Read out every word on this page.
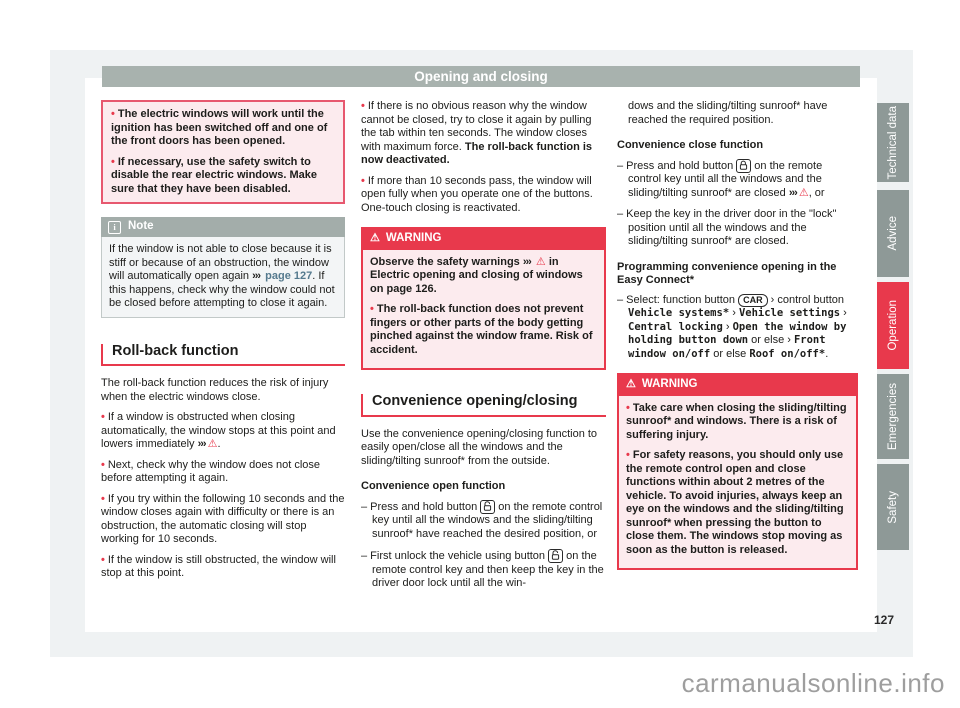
Opening and closing

• The electric windows will work until the ignition has been switched off and one of the front doors has been opened.

• If necessary, use the safety switch to disable the rear electric windows. Make sure that they have been disabled.

i	Note
If the window is not able to close because it is stiff or because of an obstruction, the window will automatically open again ››› page 127. If this happens, check why the window could not be closed before attempting to close it again.
Roll-back function

The roll-back function reduces the risk of injury when the electric windows close.

• If a window is obstructed when closing automatically, the window stops at this point and lowers immediately ››› ⚠.

• Next, check why the window does not close before attempting it again.

• If you try within the following 10 seconds and the window closes again with difficulty or there is an obstruction, the automatic closing will stop working for 10 seconds.

• If the window is still obstructed, the window will stop at this point.

• If there is no obvious reason why the window cannot be closed, try to close it again by pulling the tab within ten seconds. The window closes with maximum force. The roll-back function is now deactivated.

• If more than 10 seconds pass, the window will open fully when you operate one of the buttons. One-touch closing is reactivated.

⚠ WARNING

Observe the safety warnings ››› ⚠ in Electric opening and closing of windows on page 126.

• The roll-back function does not prevent fingers or other parts of the body getting pinched against the window frame. Risk of accident.

Convenience opening/closing

Use the convenience opening/closing function to easily open/close all the windows and the sliding/tilting sunroof* from the outside.

Convenience open function

– Press and hold button  on the remote control key until all the windows and the sliding/tilting sunroof* have reached the desired position, or

– First unlock the vehicle using button  on the remote control key and then keep the key in the driver door lock until all the win-

dows and the sliding/tilting sunroof* have reached the required position.

Convenience close function

– Press and hold button  on the remote control key until all the windows and the sliding/tilting sunroof* are closed ››› ⚠, or

– Keep the key in the driver door in the "lock" position until all the windows and the sliding/tilting sunroof* are closed.

Programming convenience opening in the Easy Connect*

– Select: function button CAR › control button Vehicle systems* › Vehicle settings › Central locking › Open the window by holding button down or else › Front window on/off or else Roof on/off*.

⚠ WARNING

• Take care when closing the sliding/tilting sunroof* and windows. There is a risk of suffering injury.

• For safety reasons, you should only use the remote control open and close functions within about 2 metres of the vehicle. To avoid injuries, always keep an eye on the windows and the sliding/tilting sunroof* when pressing the button to close them. The windows stop moving as soon as the button is released.

Technical data
Advice
Operation
Emergencies
Safety
127
carmanualsonline.info
